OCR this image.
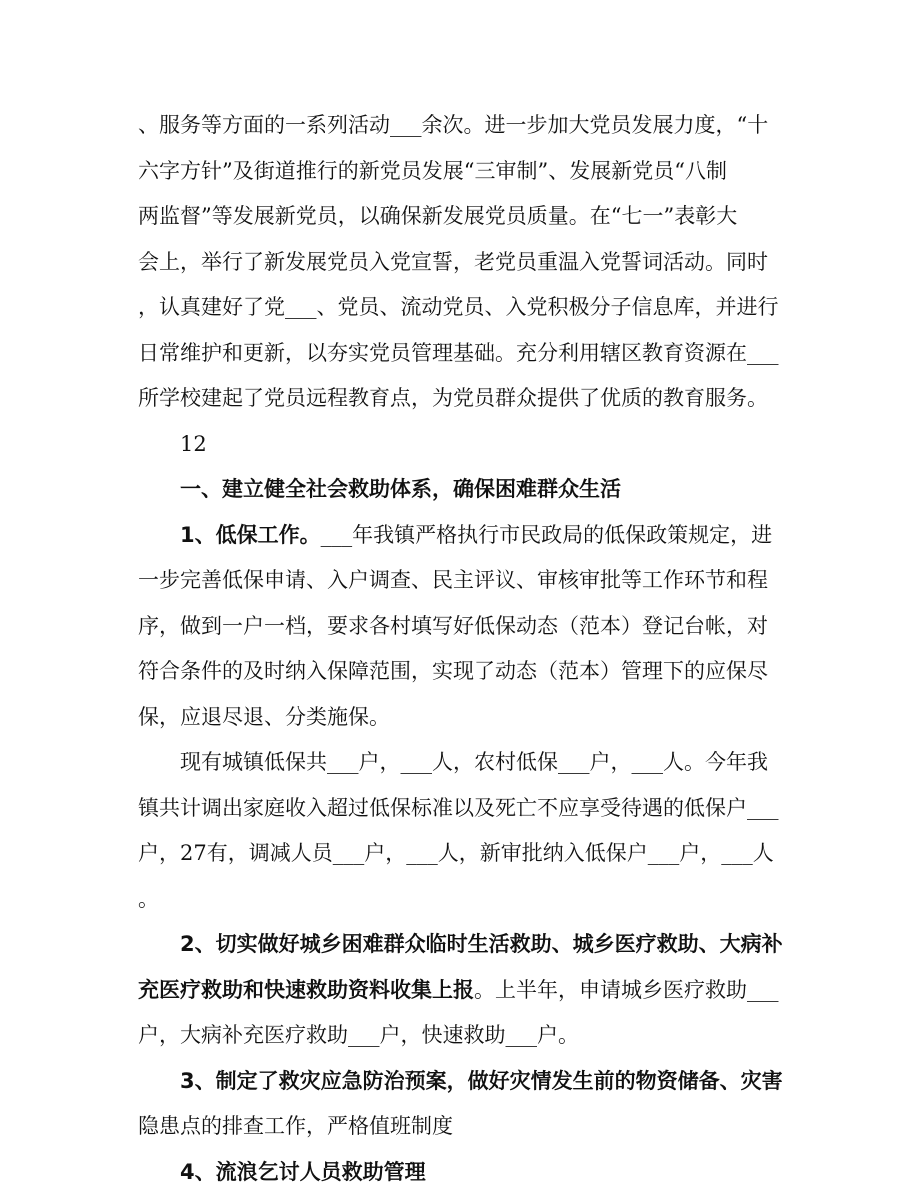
、服务等方面的一系列活动___余次。进一步加大党员发展力度，“十

六字方针”及街道推行的新党员发展“三审制”、发展新党员“八制

两监督”等发展新党员，以确保新发展党员质量。在“七一”表彰大

会上，举行了新发展党员入党宣誓，老党员重温入党誓词活动。同时

，认真建好了党___、党员、流动党员、入党积极分子信息库，并进行

日常维护和更新，以夯实党员管理基础。充分利用辖区教育资源在___

所学校建起了党员远程教育点，为党员群众提供了优质的教育服务。

12

一、建立健全社会救助体系，确保困难群众生活

1、低保工作。___年我镇严格执行市民政局的低保政策规定，进

一步完善低保申请、入户调查、民主评议、审核审批等工作环节和程

序，做到一户一档，要求各村填写好低保动态（范本）登记台帐，对

符合条件的及时纳入保障范围，实现了动态（范本）管理下的应保尽

保，应退尽退、分类施保。

现有城镇低保共___户，___人，农村低保___户，___人。今年我

镇共计调出家庭收入超过低保标准以及死亡不应享受待遇的低保户___

户，27有，调减人员___户，___人，新审批纳入低保户___户，___人

。

2、切实做好城乡困难群众临时生活救助、城乡医疗救助、大病补

充医疗救助和快速救助资料收集上报。上半年，申请城乡医疗救助___

户，大病补充医疗救助___户，快速救助___户。

3、制定了救灾应急防治预案，做好灾情发生前的物资储备、灾害

隐患点的排查工作，严格值班制度

4、流浪乞讨人员救助管理
